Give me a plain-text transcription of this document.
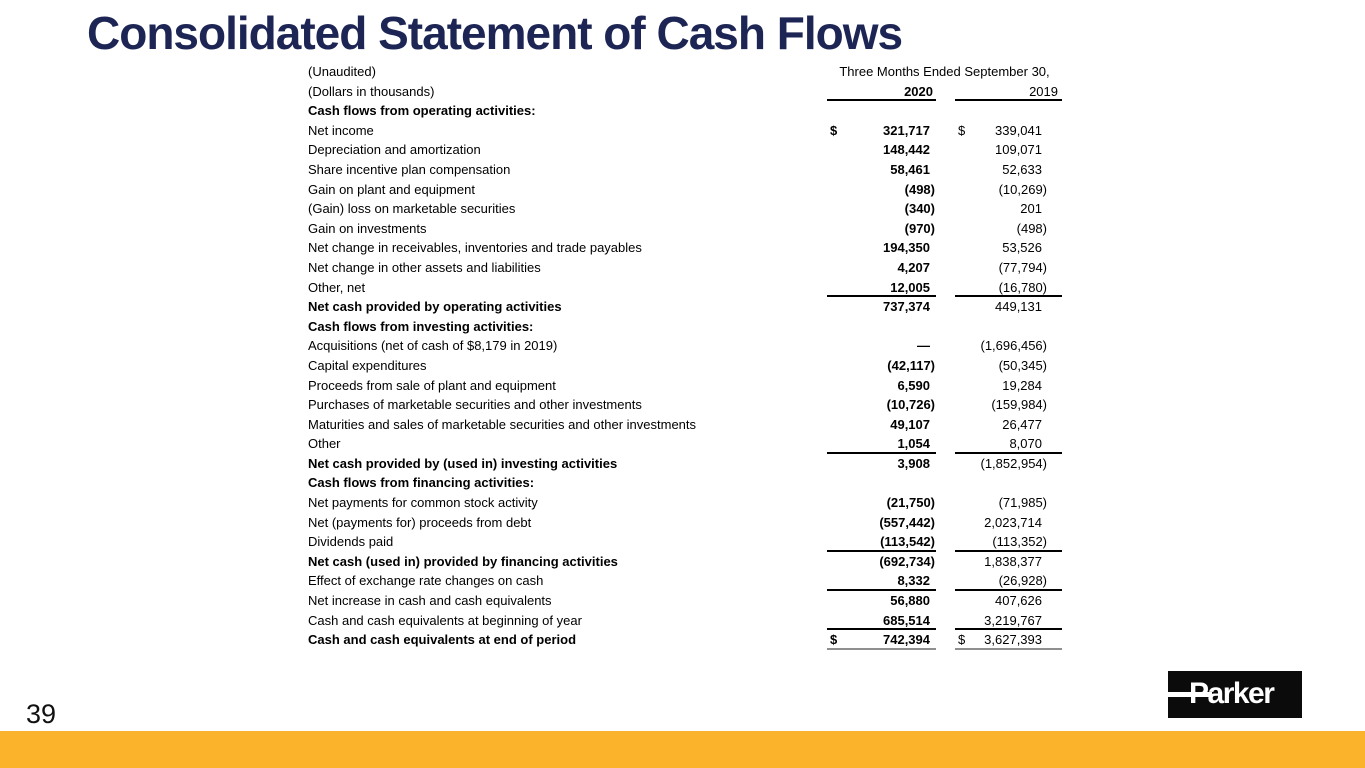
Consolidated Statement of Cash Flows
(Unaudited)	Three Months Ended September 30,
(Dollars in thousands)	2020	2019
Cash flows from operating activities:
Net income	$	321,717	$ 339,041
Depreciation and amortization	148,442	109,071
Share incentive plan compensation	58,461	52,633
Gain on plant and equipment	(498)	(10,269)
(Gain) loss on marketable securities	(340)	201
Gain on investments	(970)	(498)
Net change in receivables, inventories and trade payables	194,350	53,526
Net change in other assets and liabilities	4,207	(77,794)
Other, net	12,005	(16,780)
Net cash provided by operating activities	737,374	449,131
Cash flows from investing activities:
Acquisitions (net of cash of $8,179 in 2019)	—	(1,696,456)
Capital expenditures	(42,117)	(50,345)
Proceeds from sale of plant and equipment	6,590	19,284
Purchases of marketable securities and other investments	(10,726)	(159,984)
Maturities and sales of marketable securities and other investments	49,107	26,477
Other	1,054	8,070
Net cash provided by (used in) investing activities	3,908	(1,852,954)
Cash flows from financing activities:
Net payments for common stock activity	(21,750)	(71,985)
Net (payments for) proceeds from debt	(557,442)	2,023,714
Dividends paid	(113,542)	(113,352)
Net cash (used in) provided by financing activities	(692,734)	1,838,377
Effect of exchange rate changes on cash	8,332	(26,928)
Net increase in cash and cash equivalents	56,880	407,626
Cash and cash equivalents at beginning of year	685,514	3,219,767
Cash and cash equivalents at end of period	$	742,394	$ 3,627,393
39
Parker
